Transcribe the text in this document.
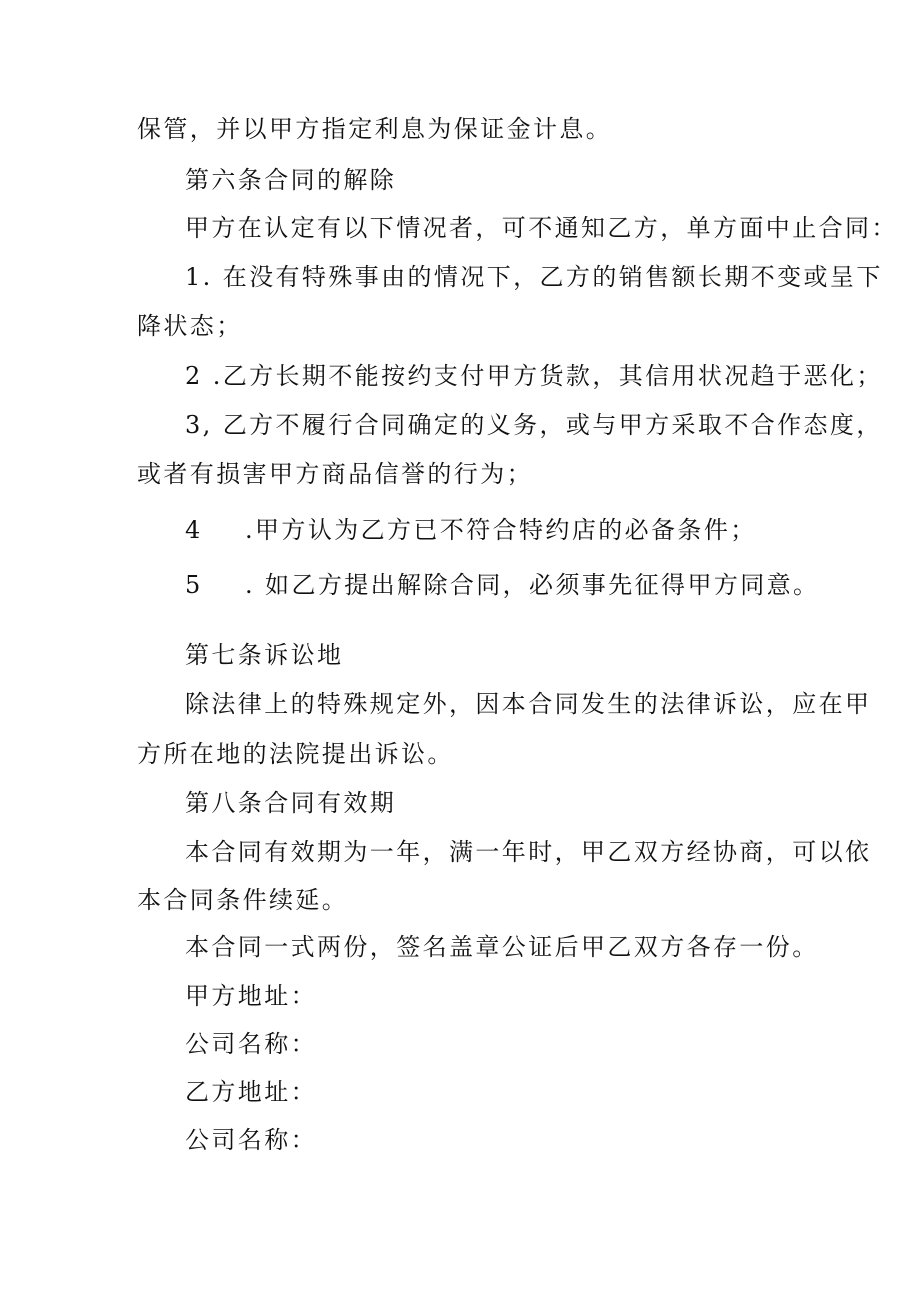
保管，并以甲方指定利息为保证金计息。
第六条合同的解除
甲方在认定有以下情况者，可不通知乙方，单方面中止合同：
1. 在没有特殊事由的情况下，乙方的销售额长期不变或呈下
降状态；
2 .乙方长期不能按约支付甲方货款，其信用状况趋于恶化；
3, 乙方不履行合同确定的义务，或与甲方采取不合作态度，
或者有损害甲方商品信誉的行为；
4 .甲方认为乙方已不符合特约店的必备条件；
5 . 如乙方提出解除合同，必须事先征得甲方同意。
第七条诉讼地
除法律上的特殊规定外，因本合同发生的法律诉讼，应在甲
方所在地的法院提出诉讼。
第八条合同有效期
本合同有效期为一年，满一年时，甲乙双方经协商，可以依
本合同条件续延。
本合同一式两份，签名盖章公证后甲乙双方各存一份。
甲方地址：
公司名称：
乙方地址：
公司名称：
